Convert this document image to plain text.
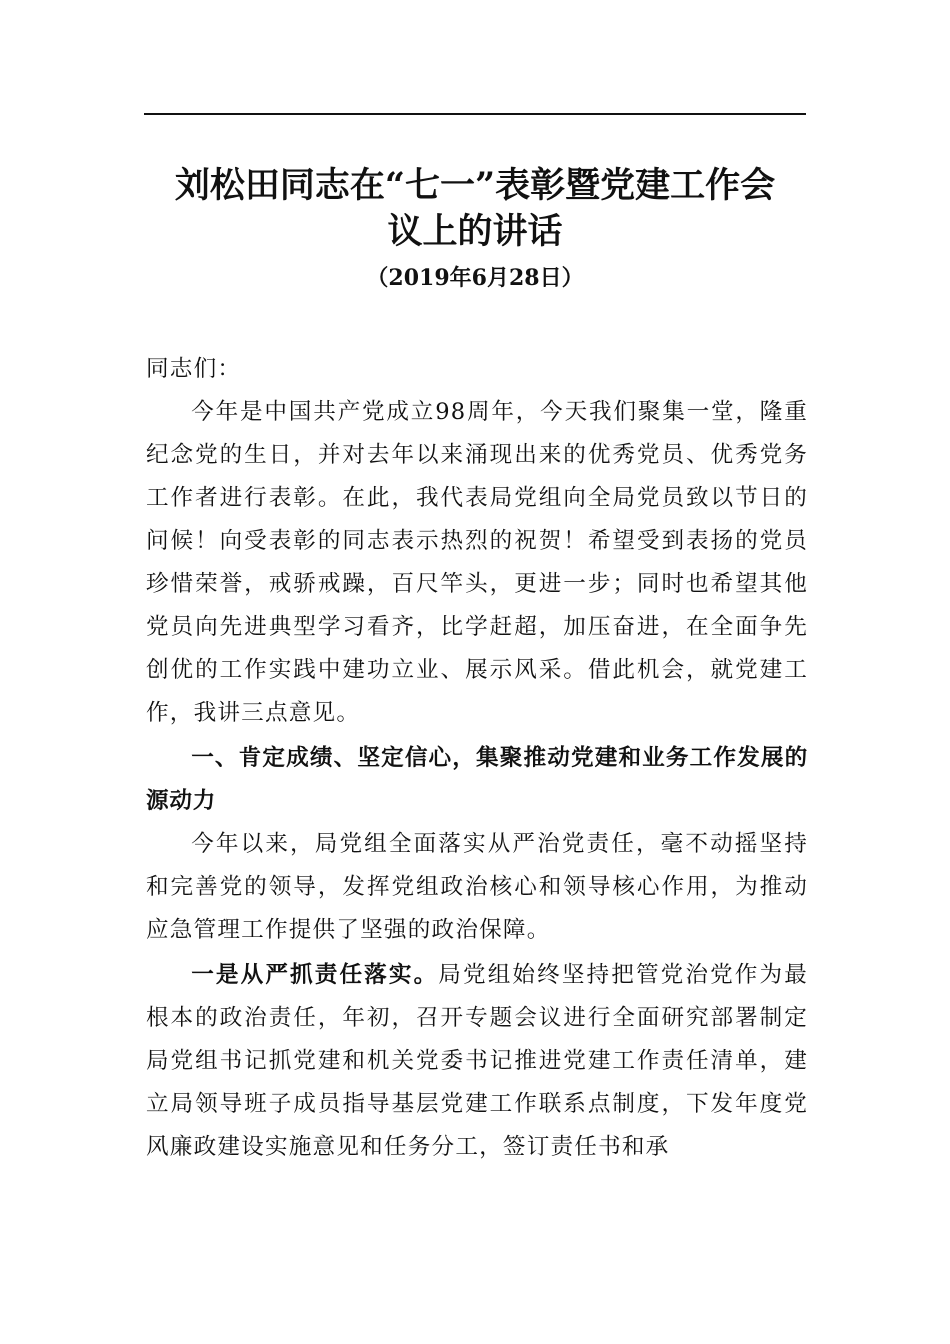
刘松田同志在“七一”表彰暨党建工作会
议上的讲话
（2019年6月28日）

同志们：

今年是中国共产党成立98周年，今天我们聚集一堂，隆重纪念党的生日，并对去年以来涌现出来的优秀党员、优秀党务工作者进行表彰。在此，我代表局党组向全局党员致以节日的问候！向受表彰的同志表示热烈的祝贺！希望受到表扬的党员珍惜荣誉，戒骄戒躁，百尺竿头，更进一步；同时也希望其他党员向先进典型学习看齐，比学赶超，加压奋进，在全面争先创优的工作实践中建功立业、展示风采。借此机会，就党建工作，我讲三点意见。

一、肯定成绩、坚定信心，集聚推动党建和业务工作发展的源动力

今年以来，局党组全面落实从严治党责任，毫不动摇坚持和完善党的领导，发挥党组政治核心和领导核心作用，为推动应急管理工作提供了坚强的政治保障。

一是从严抓责任落实。局党组始终坚持把管党治党作为最根本的政治责任，年初，召开专题会议进行全面研究部署制定局党组书记抓党建和机关党委书记推进党建工作责任清单，建立局领导班子成员指导基层党建工作联系点制度，下发年度党风廉政建设实施意见和任务分工，签订责任书和承
